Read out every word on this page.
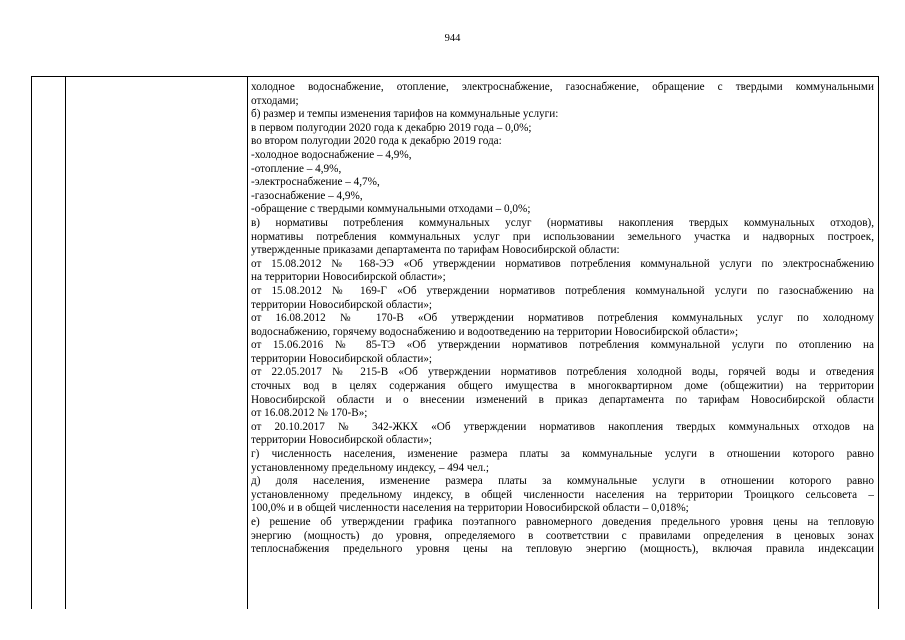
944
холодное водоснабжение, отопление, электроснабжение, газоснабжение, обращение с твердыми коммунальными
отходами;
б) размер и темпы изменения тарифов на коммунальные услуги:
в первом полугодии 2020 года к декабрю 2019 года – 0,0%;
во втором полугодии 2020 года к декабрю 2019 года:
-холодное водоснабжение – 4,9%,
-отопление – 4,9%,
-электроснабжение – 4,7%,
-газоснабжение – 4,9%,
-обращение с твердыми коммунальными отходами – 0,0%;
в) нормативы потребления коммунальных услуг (нормативы накопления твердых коммунальных отходов),
нормативы потребления коммунальных услуг при использовании земельного участка и надворных построек,
утвержденные приказами департамента по тарифам Новосибирской области:
от 15.08.2012 № 168-ЭЭ «Об утверждении нормативов потребления коммунальной услуги по электроснабжению
на территории Новосибирской области»;
от 15.08.2012 № 169-Г «Об утверждении нормативов потребления коммунальной услуги по газоснабжению на
территории Новосибирской области»;
от 16.08.2012 № 170-В «Об утверждении нормативов потребления коммунальных услуг по холодному
водоснабжению, горячему водоснабжению и водоотведению на территории Новосибирской области»;
от 15.06.2016 № 85-ТЭ «Об утверждении нормативов потребления коммунальной услуги по отоплению на
территории Новосибирской области»;
от 22.05.2017 № 215-В «Об утверждении нормативов потребления холодной воды, горячей воды и отведения
сточных вод в целях содержания общего имущества в многоквартирном доме (общежитии) на территории
Новосибирской области и о внесении изменений в приказ департамента по тарифам Новосибирской области
от 16.08.2012 № 170-В»;
от 20.10.2017 № 342-ЖКХ «Об утверждении нормативов накопления твердых коммунальных отходов на
территории Новосибирской области»;
г) численность населения, изменение размера платы за коммунальные услуги в отношении которого равно
установленному предельному индексу, – 494 чел.;
д) доля населения, изменение размера платы за коммунальные услуги в отношении которого равно
установленному предельному индексу, в общей численности населения на территории Троицкого сельсовета –
100,0% и в общей численности населения на территории Новосибирской области – 0,018%;
е) решение об утверждении графика поэтапного равномерного доведения предельного уровня цены на тепловую
энергию (мощность) до уровня, определяемого в соответствии с правилами определения в ценовых зонах
теплоснабжения предельного уровня цены на тепловую энергию (мощность), включая правила индексации
